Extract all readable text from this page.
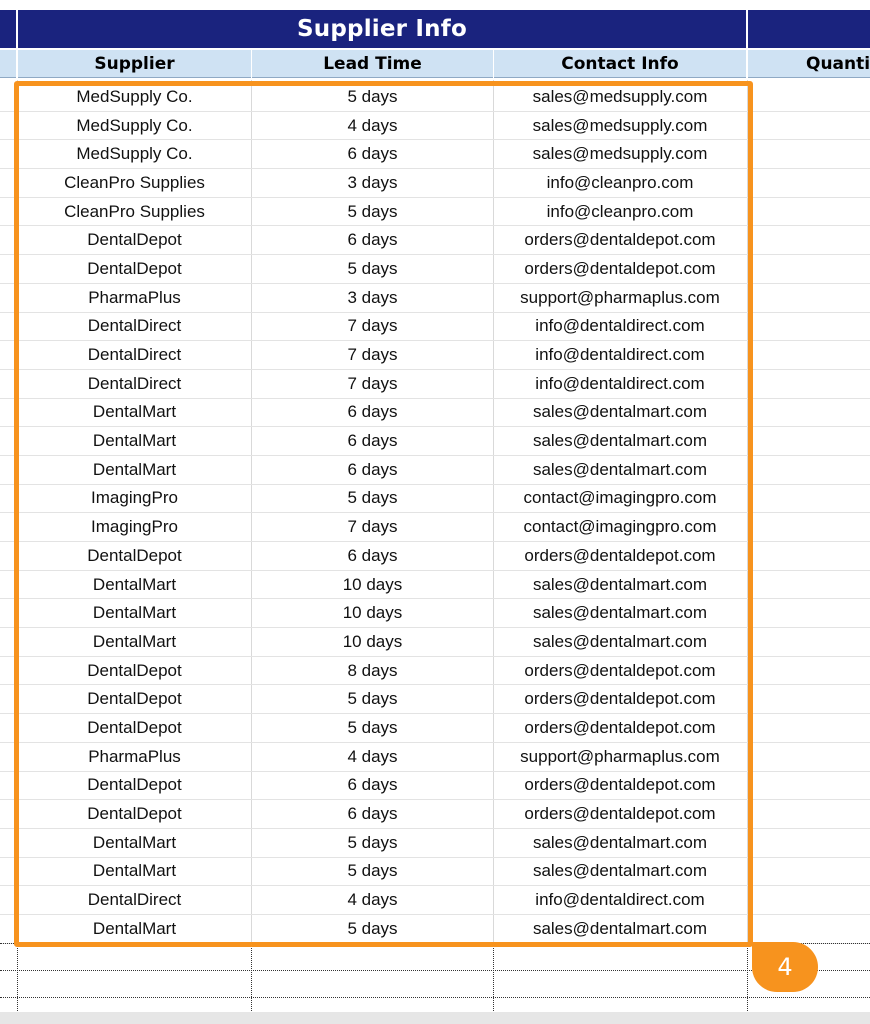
Supplier Info
Supplier	Lead Time	Contact Info	Quanti
MedSupply Co.	5 days	sales@medsupply.com
MedSupply Co.	4 days	sales@medsupply.com
MedSupply Co.	6 days	sales@medsupply.com
CleanPro Supplies	3 days	info@cleanpro.com
CleanPro Supplies	5 days	info@cleanpro.com
DentalDepot	6 days	orders@dentaldepot.com
DentalDepot	5 days	orders@dentaldepot.com
PharmaPlus	3 days	support@pharmaplus.com
DentalDirect	7 days	info@dentaldirect.com
DentalDirect	7 days	info@dentaldirect.com
DentalDirect	7 days	info@dentaldirect.com
DentalMart	6 days	sales@dentalmart.com
DentalMart	6 days	sales@dentalmart.com
DentalMart	6 days	sales@dentalmart.com
ImagingPro	5 days	contact@imagingpro.com
ImagingPro	7 days	contact@imagingpro.com
DentalDepot	6 days	orders@dentaldepot.com
DentalMart	10 days	sales@dentalmart.com
DentalMart	10 days	sales@dentalmart.com
DentalMart	10 days	sales@dentalmart.com
DentalDepot	8 days	orders@dentaldepot.com
DentalDepot	5 days	orders@dentaldepot.com
DentalDepot	5 days	orders@dentaldepot.com
PharmaPlus	4 days	support@pharmaplus.com
DentalDepot	6 days	orders@dentaldepot.com
DentalDepot	6 days	orders@dentaldepot.com
DentalMart	5 days	sales@dentalmart.com
DentalMart	5 days	sales@dentalmart.com
DentalDirect	4 days	info@dentaldirect.com
DentalMart	5 days	sales@dentalmart.com
4
